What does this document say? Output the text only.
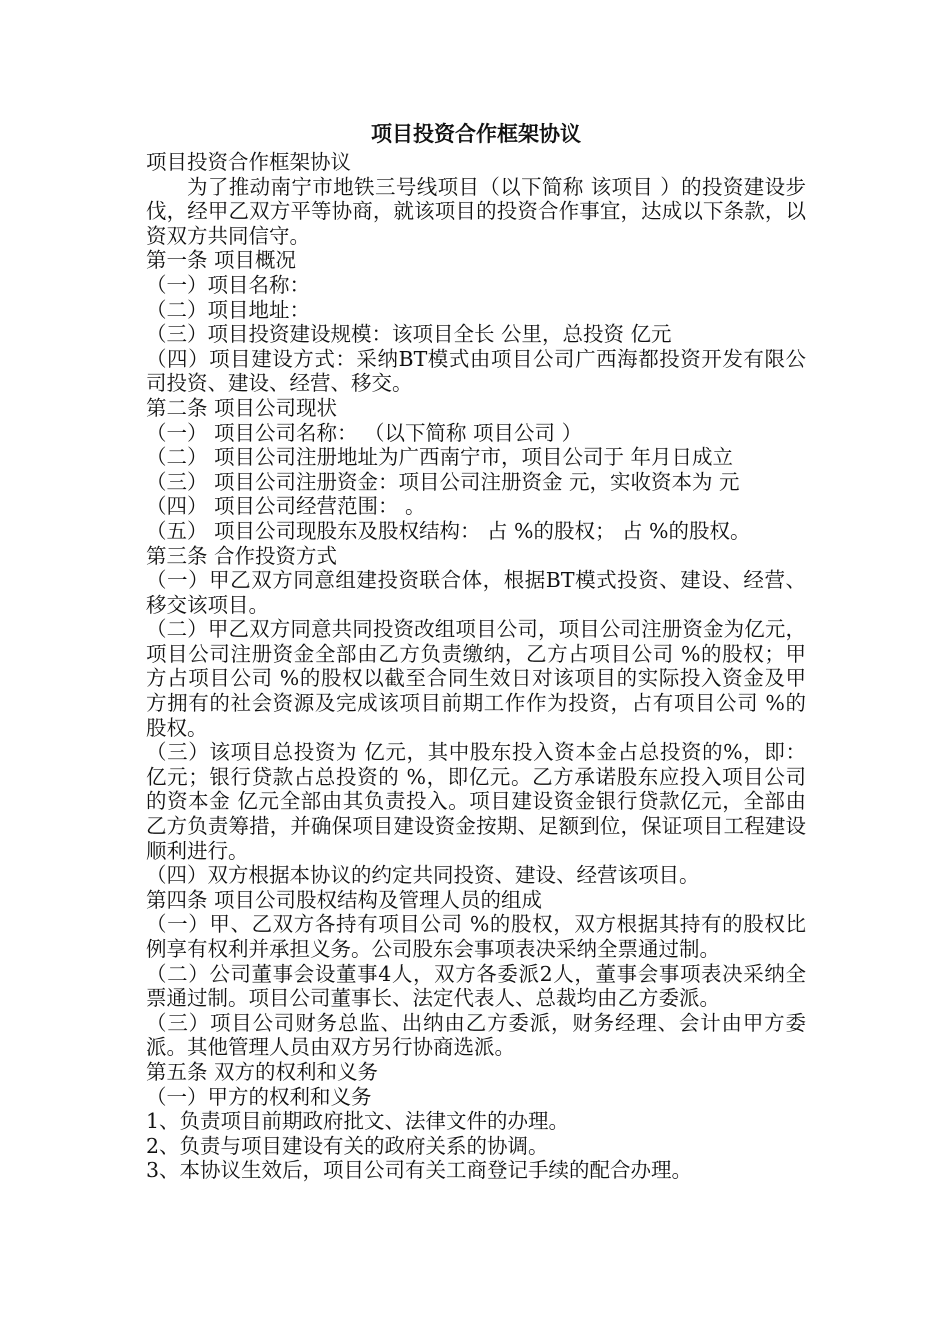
项目投资合作框架协议
项目投资合作框架协议
为了推动南宁市地铁三号线项目（以下简称 该项目 ）的投资建设步伐，经甲乙双方平等协商，就该项目的投资合作事宜，达成以下条款，以资双方共同信守。
第一条 项目概况
（一）项目名称：
（二）项目地址：
（三）项目投资建设规模：该项目全长 公里，总投资 亿元
（四）项目建设方式：采纳BT模式由项目公司广西海都投资开发有限公司投资、建设、经营、移交。
第二条 项目公司现状
（一） 项目公司名称： （以下简称 项目公司 ）
（二） 项目公司注册地址为广西南宁市，项目公司于 年月日成立
（三） 项目公司注册资金：项目公司注册资金 元，实收资本为 元
（四） 项目公司经营范围： 。
（五） 项目公司现股东及股权结构： 占 %的股权； 占 %的股权。
第三条 合作投资方式
（一）甲乙双方同意组建投资联合体，根据BT模式投资、建设、经营、移交该项目。
（二）甲乙双方同意共同投资改组项目公司，项目公司注册资金为亿元，项目公司注册资金全部由乙方负责缴纳，乙方占项目公司 %的股权；甲方占项目公司 %的股权以截至合同生效日对该项目的实际投入资金及甲方拥有的社会资源及完成该项目前期工作作为投资，占有项目公司 %的股权。
（三）该项目总投资为 亿元，其中股东投入资本金占总投资的%，即： 亿元；银行贷款占总投资的 %，即亿元。乙方承诺股东应投入项目公司的资本金 亿元全部由其负责投入。项目建设资金银行贷款亿元，全部由乙方负责筹措，并确保项目建设资金按期、足额到位，保证项目工程建设顺利进行。
（四）双方根据本协议的约定共同投资、建设、经营该项目。
第四条 项目公司股权结构及管理人员的组成
（一）甲、乙双方各持有项目公司 %的股权，双方根据其持有的股权比例享有权利并承担义务。公司股东会事项表决采纳全票通过制。
（二）公司董事会设董事4人，双方各委派2人，董事会事项表决采纳全票通过制。项目公司董事长、法定代表人、总裁均由乙方委派。
（三）项目公司财务总监、出纳由乙方委派，财务经理、会计由甲方委派。其他管理人员由双方另行协商选派。
第五条 双方的权利和义务
（一）甲方的权利和义务
1、负责项目前期政府批文、法律文件的办理。
2、负责与项目建设有关的政府关系的协调。
3、本协议生效后，项目公司有关工商登记手续的配合办理。
